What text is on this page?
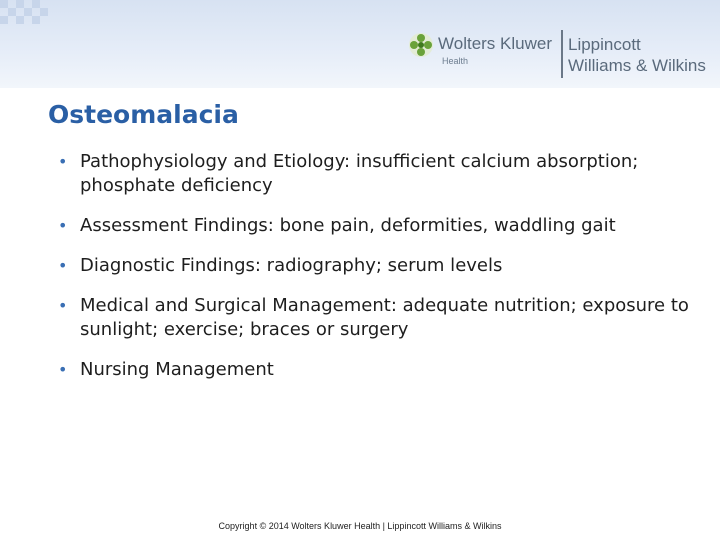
Wolters Kluwer
Health
Lippincott
Williams & Wilkins
Osteomalacia
• Pathophysiology and Etiology: insufficient calcium absorption; phosphate deficiency
• Assessment Findings: bone pain, deformities, waddling gait
• Diagnostic Findings: radiography; serum levels
• Medical and Surgical Management: adequate nutrition; exposure to sunlight; exercise; braces or surgery
• Nursing Management
Copyright © 2014 Wolters Kluwer Health | Lippincott Williams & Wilkins
